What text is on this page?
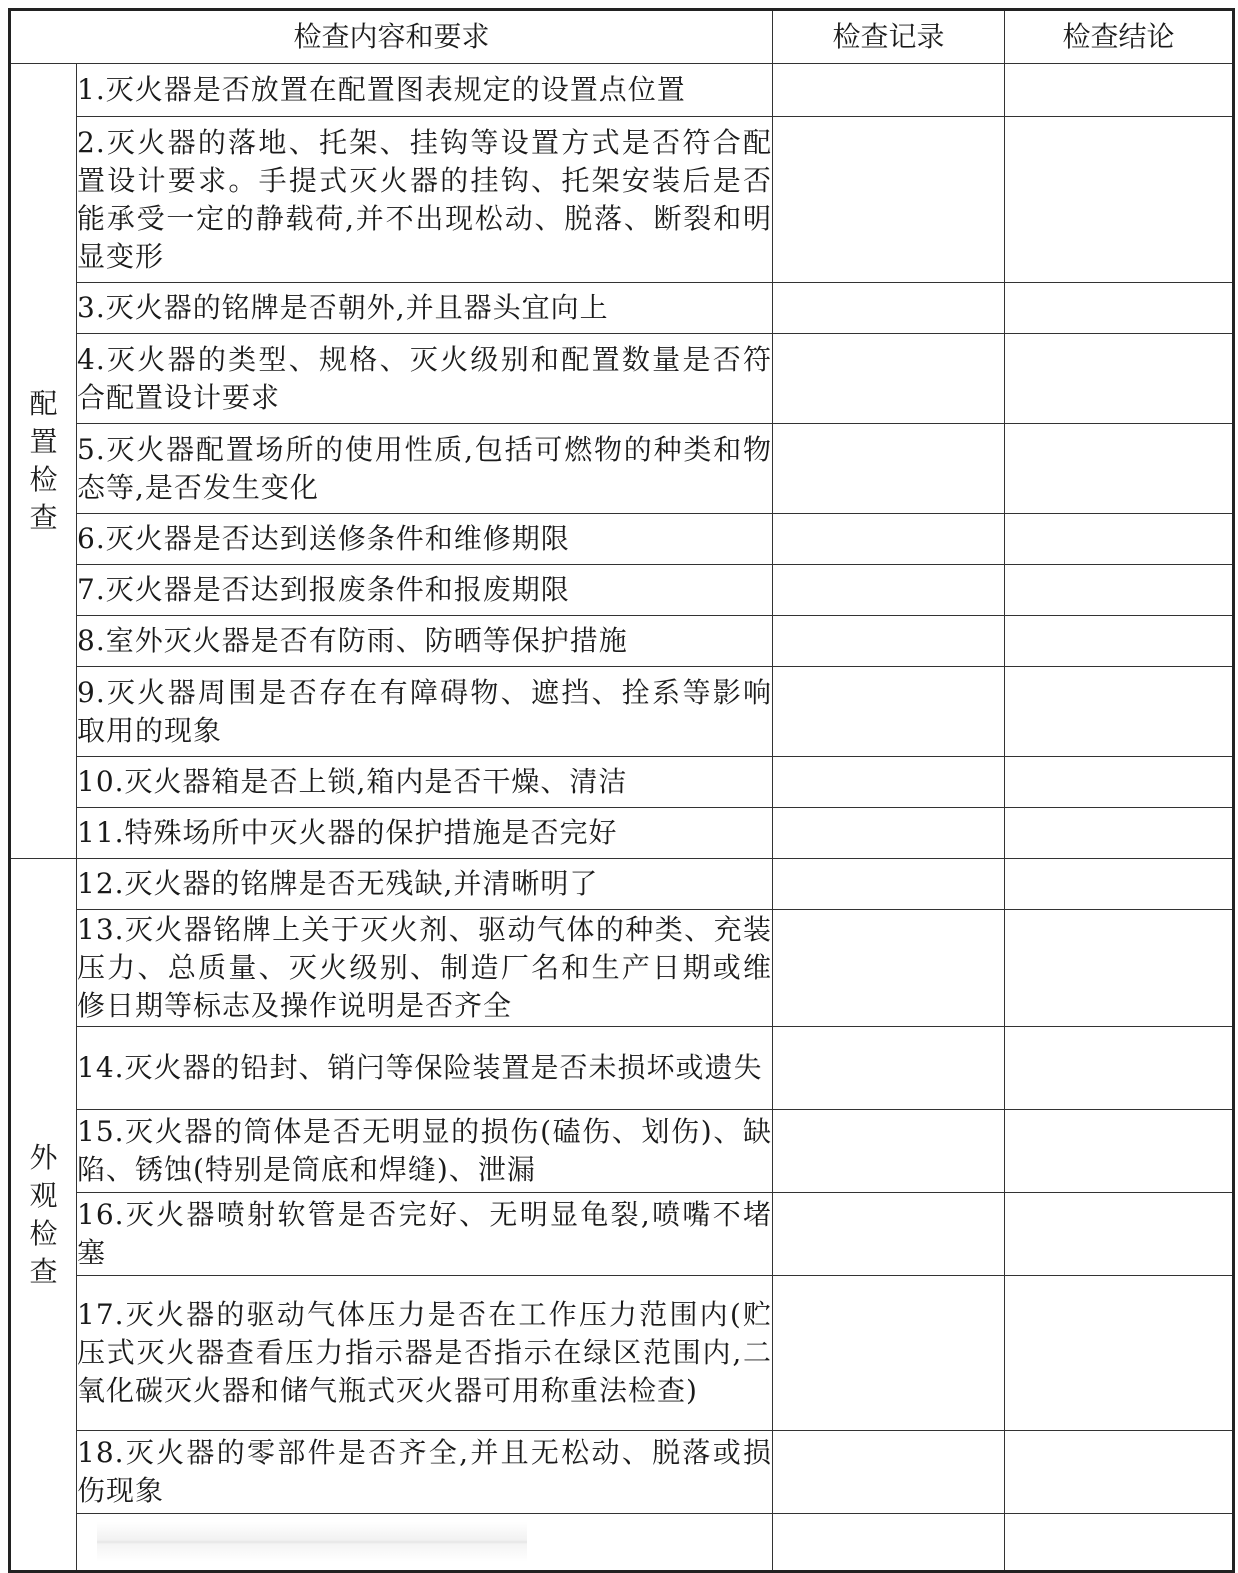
检查内容和要求		检查记录	检查结论

配
置
检
查	1.灭火器是否放置在配置图表规定的设置点位置		
	2.灭火器的落地、托架、挂钩等设置方式是否符合配置设计要求。手提式灭火器的挂钩、托架安装后是否能承受一定的静载荷,并不出现松动、脱落、断裂和明显变形		
	3.灭火器的铭牌是否朝外,并且器头宜向上		
	4.灭火器的类型、规格、灭火级别和配置数量是否符合配置设计要求		
	5.灭火器配置场所的使用性质,包括可燃物的种类和物态等,是否发生变化		
	6.灭火器是否达到送修条件和维修期限		
	7.灭火器是否达到报废条件和报废期限		
	8.室外灭火器是否有防雨、防晒等保护措施		
	9.灭火器周围是否存在有障碍物、遮挡、拴系等影响取用的现象		
	10.灭火器箱是否上锁,箱内是否干燥、清洁		
	11.特殊场所中灭火器的保护措施是否完好		

外
观
检
查	12.灭火器的铭牌是否无残缺,并清晰明了		
	13.灭火器铭牌上关于灭火剂、驱动气体的种类、充装压力、总质量、灭火级别、制造厂名和生产日期或维修日期等标志及操作说明是否齐全		
	14.灭火器的铅封、销闩等保险装置是否未损坏或遗失		
	15.灭火器的筒体是否无明显的损伤(磕伤、划伤)、缺陷、锈蚀(特别是筒底和焊缝)、泄漏		
	16.灭火器喷射软管是否完好、无明显龟裂,喷嘴不堵塞		
	17.灭火器的驱动气体压力是否在工作压力范围内(贮压式灭火器查看压力指示器是否指示在绿区范围内,二氧化碳灭火器和储气瓶式灭火器可用称重法检查)		
	18.灭火器的零部件是否齐全,并且无松动、脱落或损伤现象		
